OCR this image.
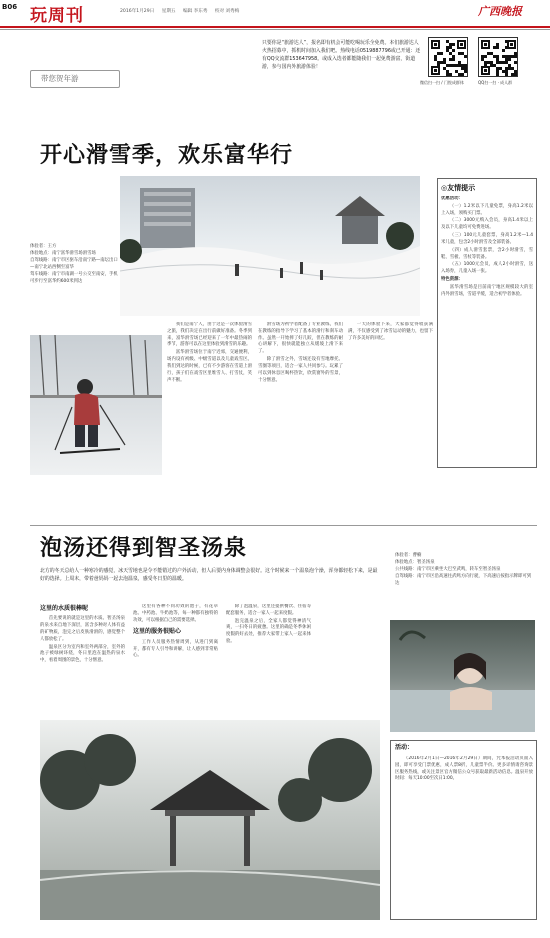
B06 玩周刊	2016年1月29日 星期五 编辑 李东秀 校对 刘秀梅	广西晚报
带您贺年游
只要你是“旅游达人”，报名即有机会可能吃喝玩乐全免费。本们旅游达人火热招募中，抓机时间加入我们吧。热线电话0519887796或已开通：还有QQ交流群153647958。或成入选者都能随我们一起免费游富，街道游，参与国内外旅游体验！
微信扫一扫 / 门悦成群体	QQ扫一扫 · 成人群
开心滑雪季，欢乐富华行
体验者：王方
体验地点：南宁富华滑雪场滑雪场
自驾线路：南宁市区驱车沿南宁路—南坛出口—南宁北站西侧至富华
驾车线路：南宁市南湖一号公交至南安，手机可步行至富华约600米到达

我们是南宁人，由于这是一次体验滑雪之旅，我们决定在出行前做好准备。冬季到来，富华滑雪场已经迎来了一年中最热闹的季节，游客可以在这里体验到滑雪的乐趣。

富华滑雪场位于南宁近郊，交通便利，场内设有初级、中级雪道以及儿童戏雪区。我们到达的时候，已有不少游客在雪道上滑行，孩子们在戏雪区里堆雪人、打雪仗，笑声不断。

滑雪场为初学者配备了专业教练，我们在教练的指导下学习了基本的滑行和刹车动作。虽然一开始摔了好几跤，但在教练的耐心讲解下，很快就能独立从缓坡上滑下来了。

除了滑雪之外，雪场还设有雪地摩托、雪圈等项目，适合一家人共同参与。玩累了可以到休息区喝杯热饮，欣赏窗外的雪景，十分惬意。

一天的体验下来，大家都觉得收获满满，不仅感受到了冰雪运动的魅力，也留下了许多美好的回忆。

◎友情提示

优惠活动：

（一）1.2米以下儿童免票，身高1.2米以上入场，须购买门票。

（二）3000元购入会员，身高1.4米以上及以下儿童均可免费进场。

（三）100元儿童套票，身高1.2米—1.4米儿童，包含2小时滑雪及全部装备。

（四）成人滑雪套票，含2小时滑雪，雪鞋、雪板、雪杖等装备。

（五）1000元会员，成人2小时滑雪，送入场券，儿童入场一张。

特色资源：

富华滑雪场是目前南宁地区规模较大的室内外滑雪场，雪道平缓，适合初学者体验。

泡汤还得到智圣汤泉
北方的冬天总给人一种寒冷的感觉，冰天雪地也是令不能错过的户外活动，但人后要内身体调整会很好。这个时候来一个温泉泡个澡，浑身都轻松下来，是最好的选择。上周末，带着爸妈妈一起去泡温泉，感受冬日里的温暖。
这里的水质很棒呢

首先要说的就是这里的水质。智圣汤泉的泉水来自地下深层，富含多种对人体有益的矿物质，泡完之后皮肤滑滑的，感觉整个人都放松了。

温泉区分为室内和室外两部分，室外的池子被绿树环绕，冬日里泡在温热的泉水中，看着周围的景色，十分惬意。

这里有各种不同功效的池子，有花草池、中药池、牛奶池等，每一种都有独特的功效，可以根据自己的需要选择。

这里的服务很贴心

工作人员服务热情周到，从进门到离开，都有专人引导和讲解，让人感到非常贴心。

除了泡温泉，这里还提供餐饮、住宿等配套服务，适合一家人一起来度假。

泡完温泉之后，全家人都觉得神清气爽，一扫冬日的疲惫。这里的确是冬季休闲度假的好去处，推荐大家带上家人一起来体验。

体验者：曹楠
体验地点：智圣汤泉
公共线路：南宁市区乘坐大巴至武鸣，转车至智圣汤泉
自驾线路：南宁市区沿高速往武鸣方向行驶，下高速后按指示牌即可到达
活动：

（2016年2月1日—2016年2月29日）期间，凭本报活动页面入园，即可享受门票优惠，成人票8折，儿童票半价。更多详情请咨询景区服务热线，或关注景区官方微信公众号获取最新活动信息。温泉开放时间：每天10:00至次日1:00。
